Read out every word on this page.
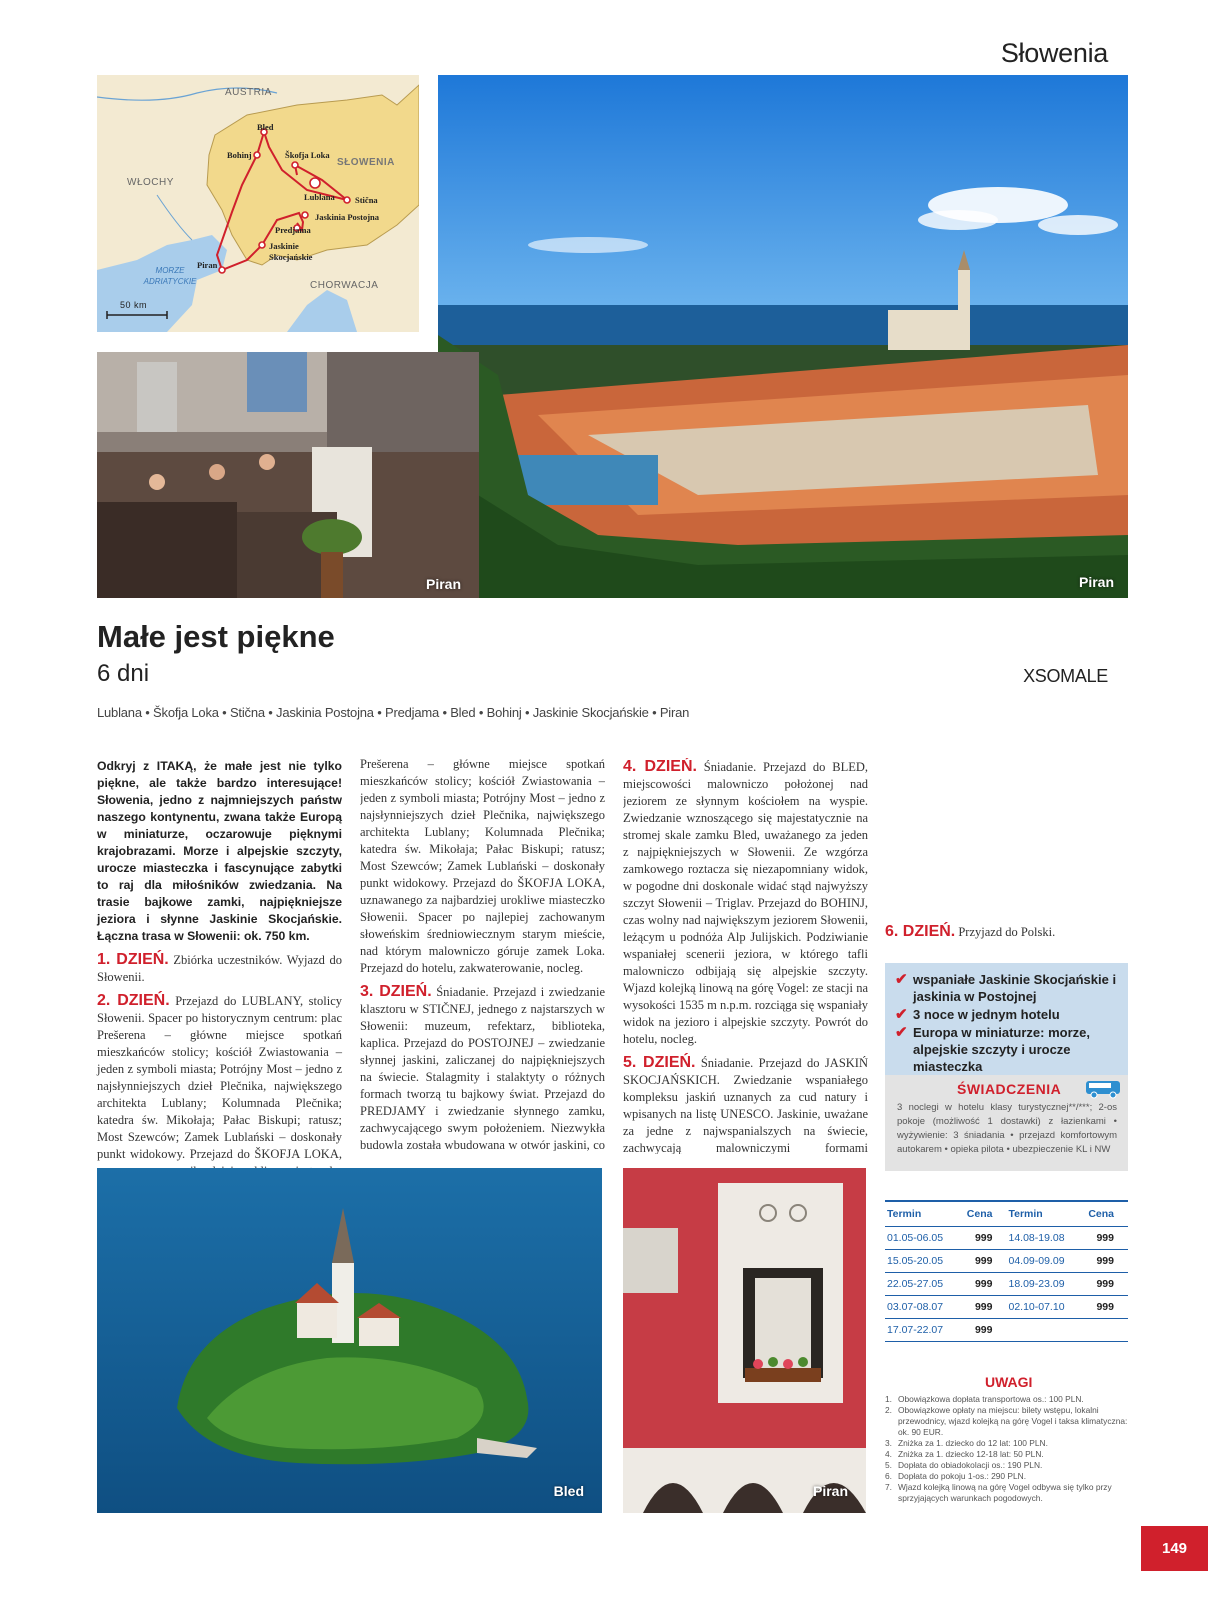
Słowenia
AUSTRIA
SŁOWENIA
WŁOCHY
CHORWACJA
MORZE ADRIATYCKIE
50 km
Bled
Bohinj	Škofja Loka
Lublana Stična
Jaskinia Postojna
Predjama
Jaskinie Skocjańskie
Piran
Piran
Piran
Małe jest piękne
6 dni	XSOMALE
Lublana • Škofja Loka • Stična • Jaskinia Postojna • Predjama • Bled • Bohinj • Jaskinie Skocjańskie • Piran

Odkryj z ITAKĄ, że małe jest nie tylko piękne, ale także bardzo interesujące! Słowenia, jedno z najmniejszych państw naszego kontynentu, zwana także Europą w miniaturze, oczarowuje pięknymi krajobrazami. Morze i alpejskie szczyty, urocze miasteczka i fascynujące zabytki to raj dla miłośników zwiedzania. Na trasie bajkowe zamki, najpiękniejsze jeziora i słynne Jaskinie Skocjańskie. Łączna trasa w Słowenii: ok. 750 km.

1. DZIEŃ. Zbiórka uczestników. Wyjazd do Słowenii.

2. DZIEŃ. Przejazd do LUBLANY, stolicy Słowenii. Spacer po historycznym centrum: plac Prešerena – główne miejsce spotkań mieszkańców stolicy; kościół Zwiastowania – jeden z symboli miasta; Potrójny Most – jedno z najsłynniejszych dzieł Plečnika, największego architekta Lublany; Kolumnada Plečnika; katedra św. Mikołaja; Pałac Biskupi; ratusz; Most Szewców; Zamek Lublański – doskonały punkt widokowy. Przejazd do ŠKOFJA LOKA,

Prešerena – główne miejsce spotkań mieszkańców stolicy; kościół Zwiastowania – jeden z symboli miasta; Potrójny Most – jedno z najsłynniejszych dzieł Plečnika, największego architekta Lublany; Kolumnada Plečnika; katedra św. Mikołaja; Pałac Biskupi; ratusz; Most Szewców; Zamek Lublański – doskonały punkt widokowy. Przejazd do ŠKOFJA LOKA, uznawanego za najbardziej urokliwe miasteczko Słowenii. Spacer po najlepiej zachowanym słoweńskim średniowiecznym starym mieście, nad którym malowniczo góruje zamek Loka. Przejazd do hotelu, zakwaterowanie, nocleg.

3. DZIEŃ. Śniadanie. Przejazd i zwiedzanie klasztoru w STIČNEJ, jednego z najstarszych w Słowenii: muzeum, refektarz, biblioteka, kaplica. Przejazd do POSTOJNEJ – zwiedzanie słynnej jaskini, zaliczanej do najpiękniejszych na świecie. Stalagmity i stalaktyty o różnych formach tworzą tu bajkowy świat. Przejazd do PREDJAMY i zwiedzanie słynnego zamku, zachwycającego swym położeniem. Niezwykła budowla została wbudowana w otwór jaskini, co

4. DZIEŃ. Śniadanie. Przejazd do BLED, miejscowości malowniczo położonej nad jeziorem ze słynnym kościołem na wyspie. Zwiedzanie wznoszącego się majestatycznie na stromej skale zamku Bled, uważanego za jeden z najpiękniejszych w Słowenii. Ze wzgórza zamkowego roztacza się niezapomniany widok, w pogodne dni doskonale widać stąd najwyższy szczyt Słowenii – Triglav. Przejazd do BOHINJ, czas wolny nad największym jeziorem Słowenii, leżącym u podnóża Alp Julijskich. Podziwianie wspaniałej scenerii jeziora, w którego tafli malowniczo odbijają się alpejskie szczyty. Wjazd kolejką linową na górę Vogel: ze stacji na wysokości 1535 m n.p.m. rozciąga się wspaniały widok na jezioro i alpejskie szczyty. Powrót do hotelu, nocleg.

5. DZIEŃ. Śniadanie. Przejazd do JASKIŃ SKOCJAŃSKICH. Zwiedzanie wspaniałego kompleksu jaskiń uznanych za cud natury i wpisanych na listę UNESCO. Jaskinie, uważane za jedne z najwspanialszych na świecie, zachwycają malowniczymi formami

6. DZIEŃ. Przyjazd do Polski.
✔ wspaniałe Jaskinie Skocjańskie i jaskinia w Postojnej
✔ 3 noce w jednym hotelu
✔ Europa w miniaturze: morze, alpejskie szczyty i urocze miasteczka
ŚWIADCZENIA
3 noclegi w hotelu klasy turystycznej**/***; 2-os pokoje (możliwość 1 dostawki) z łazienkami • wyżywienie: 3 śniadania • przejazd komfortowym autokarem • opieka pilota • ubezpieczenie KL i NW
Termin	Cena	Termin	Cena
01.05-06.05	999	14.08-19.08	999
15.05-20.05	999	04.09-09.09	999
22.05-27.05	999	18.09-23.09	999
03.07-08.07	999	02.10-07.10	999
17.07-22.07	999		
UWAGI
1. Obowiązkowa dopłata transportowa os.: 100 PLN.
2. Obowiązkowe opłaty na miejscu: bilety wstępu, lokalni przewodnicy, wjazd kolejką na górę Vogel i taksa klimatyczna: ok. 90 EUR.
3. Zniżka za 1. dziecko do 12 lat: 100 PLN.
4. Zniżka za 1. dziecko 12-18 lat: 50 PLN.
5. Dopłata do obiadokolacji os.: 190 PLN.
6. Dopłata do pokoju 1-os.: 290 PLN.
7. Wjazd kolejką linową na górę Vogel odbywa się tylko przy sprzyjających warunkach pogodowych.
Bled	Piran
149
